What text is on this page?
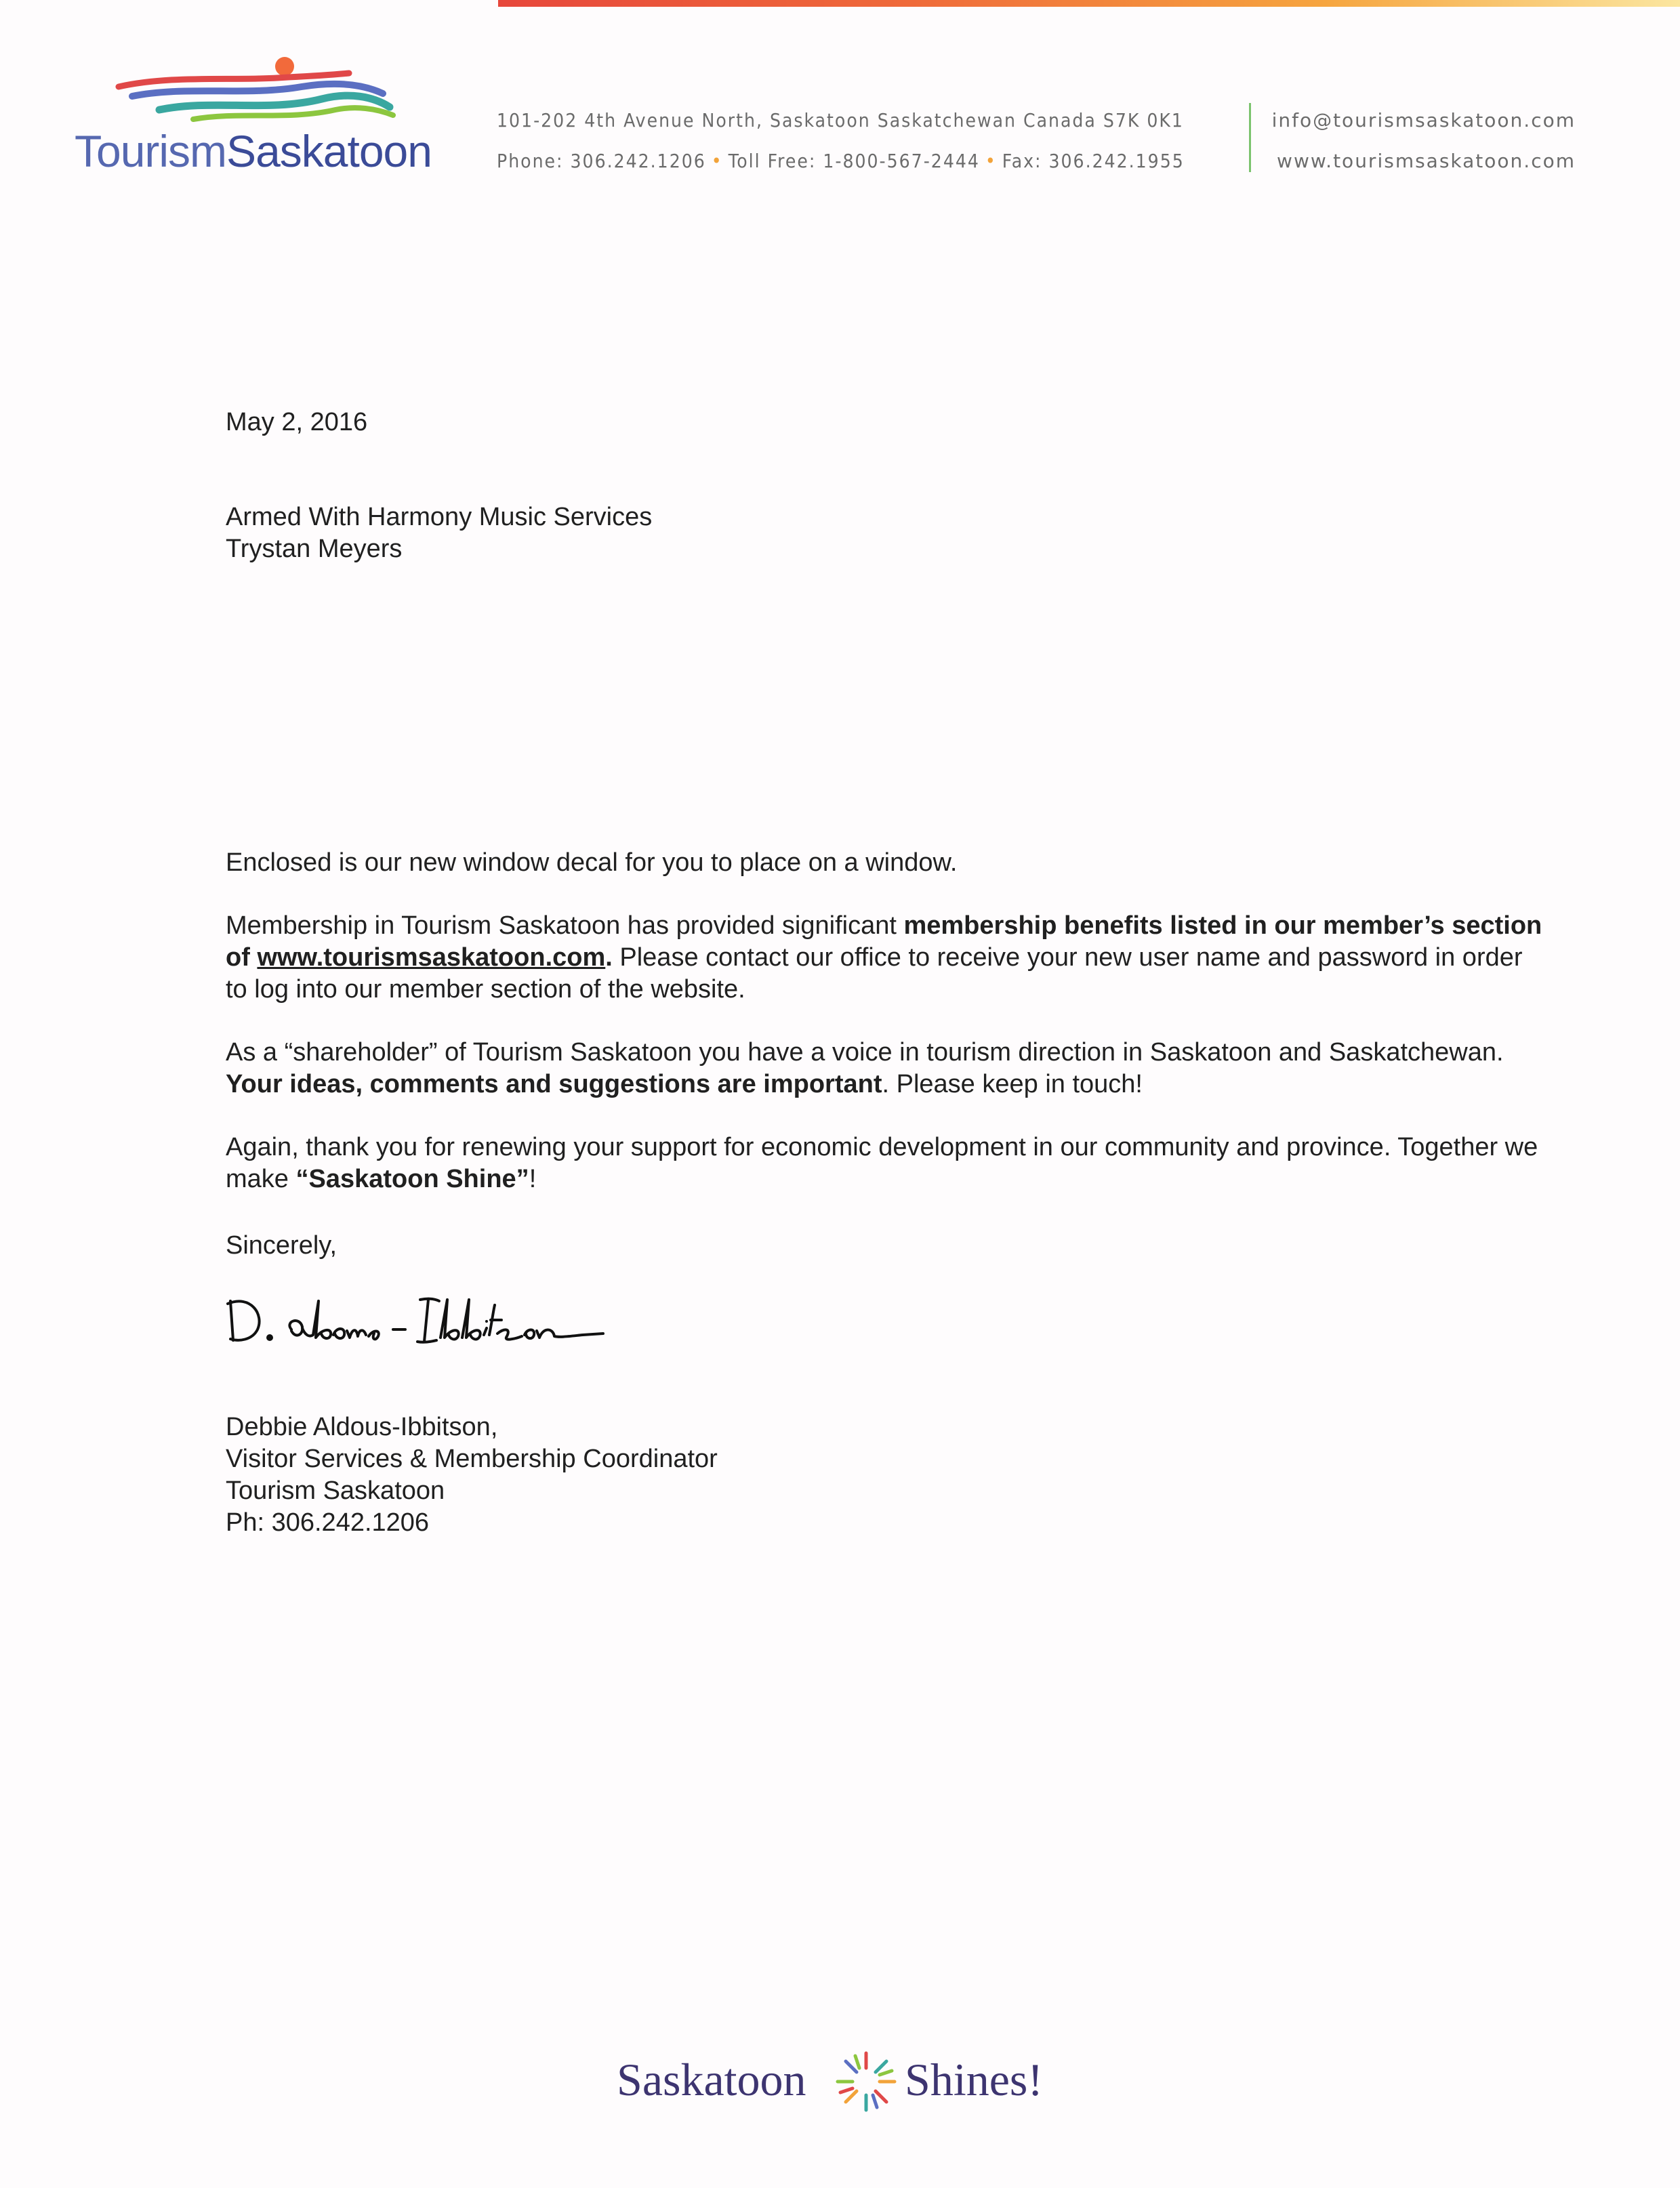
TourismSaskatoon
101-202 4th Avenue North, Saskatoon Saskatchewan Canada S7K 0K1
Phone: 306.242.1206 • Toll Free: 1-800-567-2444 • Fax: 306.242.1955
info@tourismsaskatoon.com
www.tourismsaskatoon.com
May 2, 2016
Armed With Harmony Music Services
Trystan Meyers

Enclosed is our new window decal for you to place on a window.

Membership in Tourism Saskatoon has provided significant membership benefits listed in our member’s section of www.tourismsaskatoon.com. Please contact our office to receive your new user name and password in order to log into our member section of the website.

As a “shareholder” of Tourism Saskatoon you have a voice in tourism direction in Saskatoon and Saskatchewan. Your ideas, comments and suggestions are important. Please keep in touch!

Again, thank you for renewing your support for economic development in our community and province. Together we make “Saskatoon Shine”!

Sincerely,
Debbie Aldous-Ibbitson,
Visitor Services & Membership Coordinator
Tourism Saskatoon
Ph: 306.242.1206
Saskatoon Shines!
